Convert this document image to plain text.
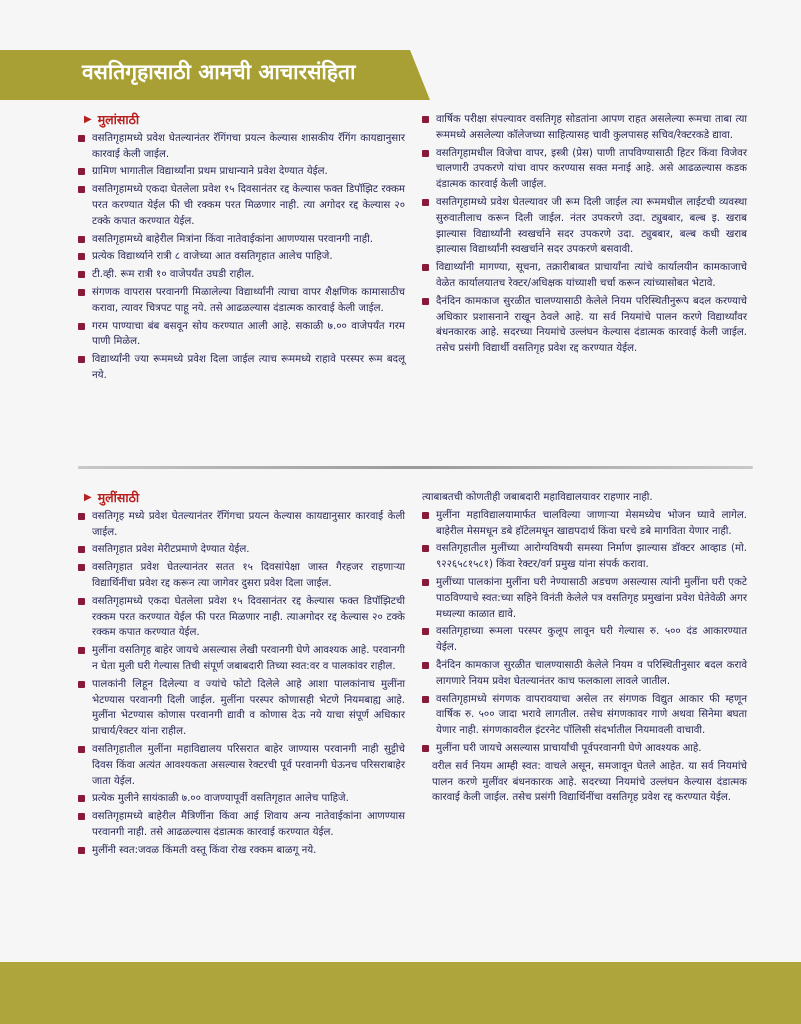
वसतिगृहासाठी आमची आचारसंहिता
▶ मुलांसाठी
वसतिगृहामध्ये प्रवेश घेतल्यानंतर रॅगिंगचा प्रयत्न केल्यास शासकीय रॅगिंग कायद्यानुसार कारवाई केली जाईल.
ग्रामिण भागातील विद्यार्थ्यांना प्रथम प्राधान्याने प्रवेश देण्यात येईल.
वसतिगृहामध्ये एकदा घेतलेला प्रवेश १५ दिवसानंतर रद्द केल्यास फक्त डिपॉझिट रक्कम परत करण्यात येईल फी ची रक्कम परत मिळणार नाही. त्या अगोदर रद्द केल्यास २० टक्के कपात करण्यात येईल.
वसतिगृहामध्ये बाहेरील मित्रांना किंवा नातेवाईकांना आणण्यास परवानगी नाही.
प्रत्येक विद्यार्थ्याने रात्री ८ वाजेच्या आत वसतिगृहात आलेच पाहिजे.
टी.व्ही. रूम रात्री १० वाजेपर्यंत उघडी राहील.
संगणक वापरास परवानगी मिळालेल्या विद्यार्थ्यांनी त्याचा वापर शैक्षणिक कामासाठीच करावा, त्यावर चित्रपट पाहू नये. तसे आढळल्यास दंडात्मक कारवाई केली जाईल.
गरम पाण्याचा बंब बसवून सोय करण्यात आली आहे. सकाळी ७.०० वाजेपर्यंत गरम पाणी मिळेल.
विद्यार्थ्यांनी ज्या रूममध्ये प्रवेश दिला जाईल त्याच रूममध्ये राहावे परस्पर रूम बदलू नये.
वार्षिक परीक्षा संपल्यावर वसतिगृह सोडतांना आपण राहत असलेल्या रूमचा ताबा त्या रूममध्ये असलेल्या कॉलेजच्या साहित्यासह चावी कुलपासह सचिव/रेक्टरकडे द्यावा.
वसतिगृहामधील विजेचा वापर, इस्त्री (प्रेस) पाणी तापविण्यासाठी हिटर किंवा विजेवर चालणारी उपकरणे यांचा वापर करण्यास सक्त मनाई आहे. असे आढळल्यास कडक दंडात्मक कारवाई केली जाईल.
वसतिगृहामध्ये प्रवेश घेतल्यावर जी रूम दिली जाईल त्या रूममधील लाईटची व्यवस्था सुरुवातीलाच करून दिली जाईल. नंतर उपकरणे उदा. ट्युबबार, बल्ब इ. खराब झाल्यास विद्यार्थ्यांनी स्वखर्चाने सदर उपकरणे उदा. ट्युबबार, बल्ब कधी खराब झाल्यास विद्यार्थ्यांनी स्वखर्चाने सदर उपकरणे बसवावी.
विद्यार्थ्यांनी मागण्या, सूचना, तक्रारीबाबत प्राचार्यांना त्यांचे कार्यालयीन कामकाजाचे वेळेत कार्यालयातच रेक्टर/अधिक्षक यांच्याशी चर्चा करून त्यांच्यासोबत भेटावे.
दैनंदिन कामकाज सुरळीत चालण्यासाठी केलेले नियम परिस्थितीनुरूप बदल करण्याचे अधिकार प्रशासनाने राखून ठेवले आहे. या सर्व नियमांचे पालन करणे विद्यार्थ्यांवर बंधनकारक आहे. सदरच्या नियमांचे उल्लंघन केल्यास दंडात्मक कारवाई केली जाईल. तसेच प्रसंगी विद्यार्थी वसतिगृह प्रवेश रद्द करण्यात येईल.
▶ मुलींसाठी
वसतिगृह मध्ये प्रवेश घेतल्यानंतर रॅगिंगचा प्रयत्न केल्यास कायद्यानुसार कारवाई केली जाईल.
वसतिगृहात प्रवेश मेरीटप्रमाणे देण्यात येईल.
वसतिगृहात प्रवेश घेतल्यानंतर सतत १५ दिवसांपेक्षा जास्त गैरहजर राहणाऱ्या विद्यार्थिनींचा प्रवेश रद्द करून त्या जागेवर दुसरा प्रवेश दिला जाईल.
वसतिगृहामध्ये एकदा घेतलेला प्रवेश १५ दिवसानंतर रद्द केल्यास फक्त डिपॉझिटची रक्कम परत करण्यात येईल फी परत मिळणार नाही. त्याअगोदर रद्द केल्यास २० टक्के रक्कम कपात करण्यात येईल.
मुलींना वसतिगृह बाहेर जायचे असल्यास लेखी परवानगी घेणे आवश्यक आहे. परवानगी न घेता मुली घरी गेल्यास तिची संपूर्ण जबाबदारी तिच्या स्वत:वर व पालकांवर राहील.
पालकांनी लिहून दिलेल्या व ज्यांचे फोटो दिलेले आहे आशा पालकांनाच मुलींना भेटण्यास परवानगी दिली जाईल. मुलींना परस्पर कोणासही भेटणे नियमबाह्य आहे. मुलींना भेटण्यास कोणास परवानगी द्यावी व कोणास देऊ नये याचा संपूर्ण अधिकार प्राचार्य/रेक्टर यांना राहील.
वसतिगृहातील मुलींना महाविद्यालय परिसरात बाहेर जाण्यास परवानगी नाही सुट्टीचे दिवस किंवा अत्यंत आवश्यकता असल्यास रेक्टरची पूर्व परवानगी घेऊनच परिसराबाहेर जाता येईल.
प्रत्येक मुलीने सायंकाळी ७.०० वाजण्यापूर्वी वसतिगृहात आलेच पाहिजे.
वसतिगृहामध्ये बाहेरील मैत्रिणींना किंवा आई शिवाय अन्य नातेवाईकांना आणण्यास परवानगी नाही. तसे आढळल्यास दंडात्मक कारवाई करण्यात येईल.
मुलींनी स्वत:जवळ किंमती वस्तू किंवा रोख रक्कम बाळगू नये.
त्याबाबतची कोणतीही जबाबदारी महाविद्यालयावर राहणार नाही.
मुलींना महाविद्यालयामार्फत चालविल्या जाणाऱ्या मेसमध्येच भोजन घ्यावे लागेल. बाहेरील मेसमधून डबे हॉटेलमधून खाद्यपदार्थ किंवा घरचे डबे मागविता येणार नाही.
वसतिगृहातील मुलींच्या आरोग्यविषयी समस्या निर्माण झाल्यास डॉक्टर आव्हाड (मो. ९२२६५८१५८१) किंवा रेक्टर/वर्ग प्रमुख यांना संपर्क करावा.
मुलींच्या पालकांना मुलींना घरी नेण्यासाठी अडचण असल्यास त्यांनी मुलींना घरी एकटे पाठविण्याचे स्वत:च्या सहिने विनंती केलेले पत्र वसतिगृह प्रमुखांना प्रवेश घेतेवेळी अगर मध्यल्या काळात द्यावे.
वसतिगृहाच्या रूमला परस्पर कुलूप लावून घरी गेल्यास रु. ५०० दंड आकारण्यात येईल.
दैनंदिन कामकाज सुरळीत चालण्यासाठी केलेले नियम व परिस्थितीनुसार बदल करावे लागणारे नियम प्रवेश घेतल्यानंतर काच फलकाला लावले जातील.
वसतिगृहामध्ये संगणक वापरावयाचा असेल तर संगणक विद्युत आकार फी म्हणून वार्षिक रु. ५०० जादा भरावे लागतील. तसेच संगणकावर गाणे अथवा सिनेमा बघता येणार नाही. संगणकावरील इंटरनेट पॉलिसी संदर्भातील नियमावली वाचावी.
मुलींना घरी जायचे असल्यास प्राचार्यांची पूर्वपरवानगी घेणे आवश्यक आहे.
वरील सर्व नियम आम्ही स्वत: वाचले असून, समजावून घेतले आहेत. या सर्व नियमांचे पालन करणे मुलींवर बंधनकारक आहे. सदरच्या नियमांचे उल्लंघन केल्यास दंडात्मक कारवाई केली जाईल. तसेच प्रसंगी विद्यार्थिनींचा वसतिगृह प्रवेश रद्द करण्यात येईल.
